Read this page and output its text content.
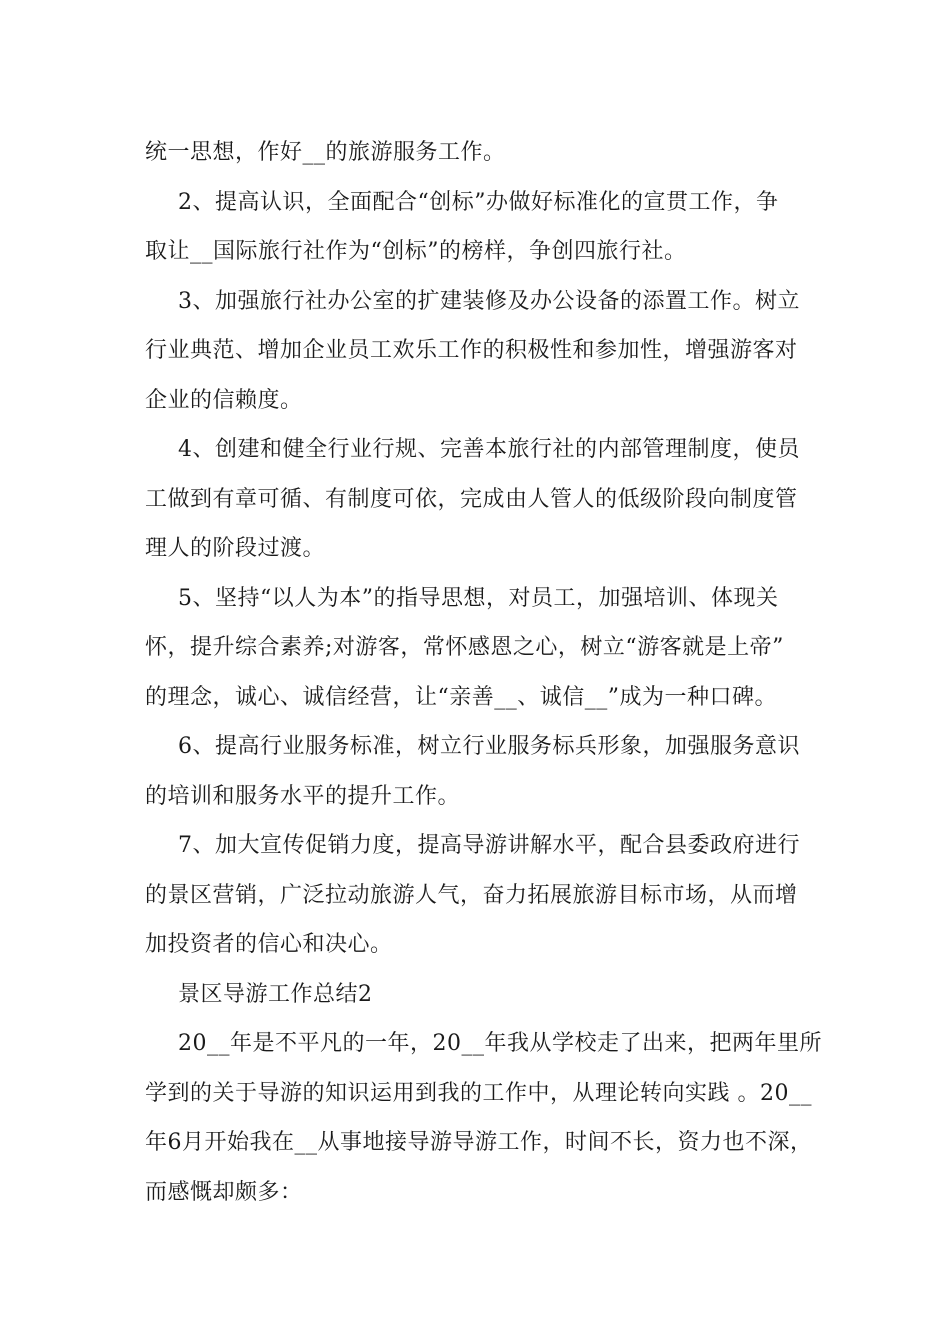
统一思想，作好__的旅游服务工作。
2、提高认识，全面配合“创标”办做好标准化的宣贯工作，争
取让__国际旅行社作为“创标”的榜样，争创四旅行社。
3、加强旅行社办公室的扩建装修及办公设备的添置工作。树立
行业典范、增加企业员工欢乐工作的积极性和参加性，增强游客对
企业的信赖度。
4、创建和健全行业行规、完善本旅行社的内部管理制度，使员
工做到有章可循、有制度可依，完成由人管人的低级阶段向制度管
理人的阶段过渡。
5、坚持“以人为本”的指导思想，对员工，加强培训、体现关
怀，提升综合素养;对游客，常怀感恩之心，树立“游客就是上帝”
的理念，诚心、诚信经营，让“亲善__、诚信__”成为一种口碑。
6、提高行业服务标准，树立行业服务标兵形象，加强服务意识
的培训和服务水平的提升工作。
7、加大宣传促销力度，提高导游讲解水平，配合县委政府进行
的景区营销，广泛拉动旅游人气，奋力拓展旅游目标市场，从而增
加投资者的信心和决心。
景区导游工作总结2
20__年是不平凡的一年，20__年我从学校走了出来，把两年里所
学到的关于导游的知识运用到我的工作中，从理论转向实践 。20__
年6月开始我在__从事地接导游导游工作，时间不长，资力也不深，
而感慨却颇多：
